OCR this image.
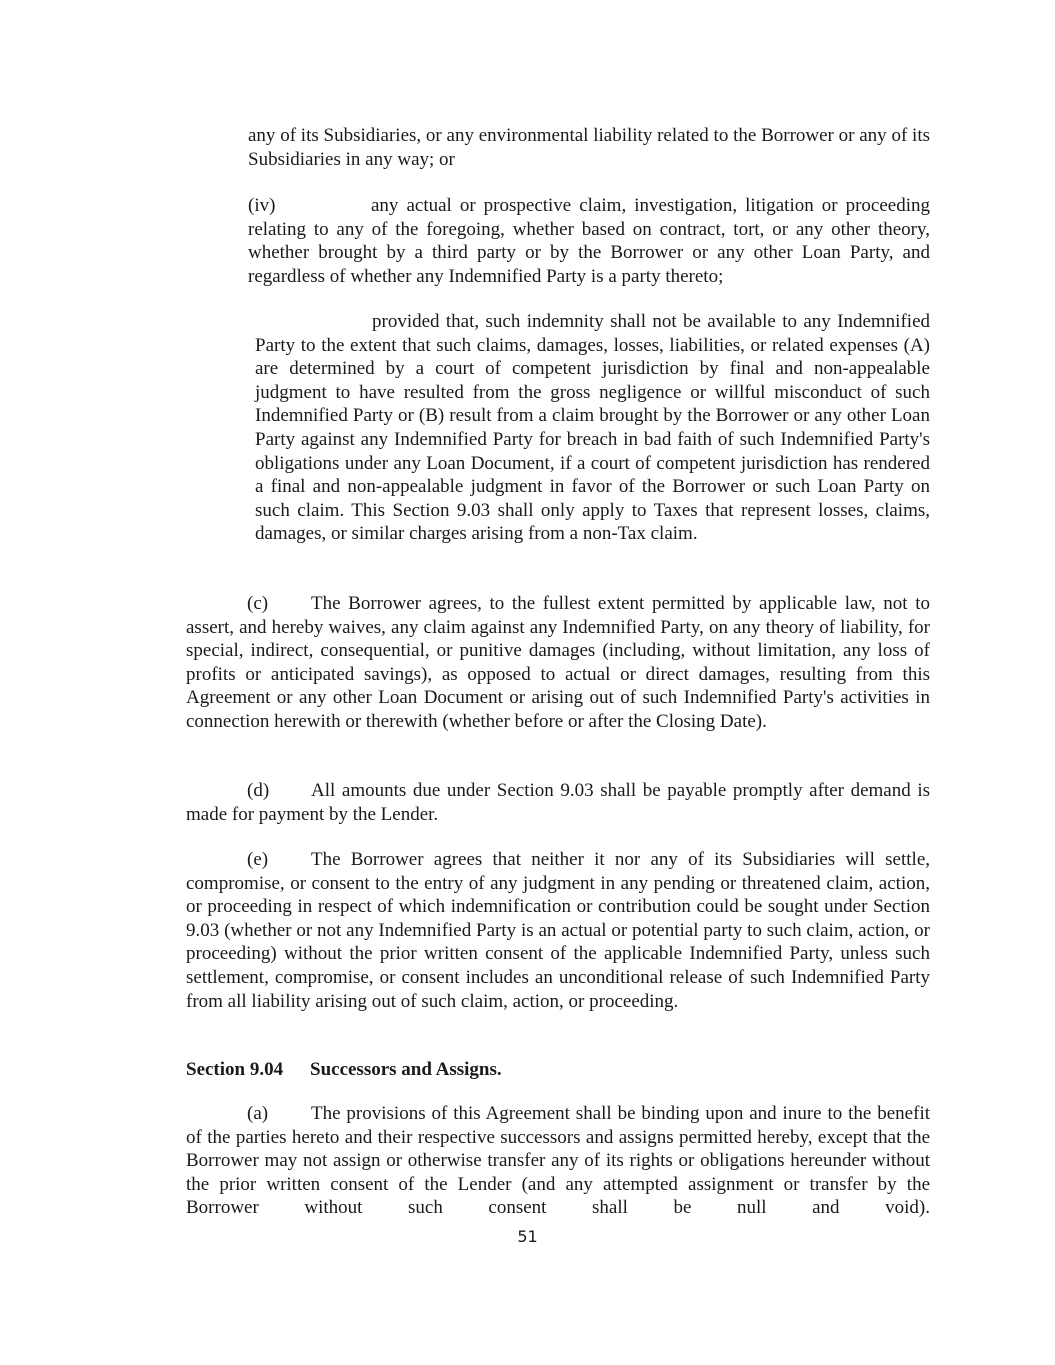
any of its Subsidiaries, or any environmental liability related to the Borrower or any of its Subsidiaries in any way; or

(iv)	any actual or prospective claim, investigation, litigation or proceeding relating to any of the foregoing, whether based on contract, tort, or any other theory, whether brought by a third party or by the Borrower or any other Loan Party, and regardless of whether any Indemnified Party is a party thereto;

provided that, such indemnity shall not be available to any Indemnified Party to the extent that such claims, damages, losses, liabilities, or related expenses (A) are determined by a court of competent jurisdiction by final and non-appealable judgment to have resulted from the gross negligence or willful misconduct of such Indemnified Party or (B) result from a claim brought by the Borrower or any other Loan Party against any Indemnified Party for breach in bad faith of such Indemnified Party's obligations under any Loan Document, if a court of competent jurisdiction has rendered a final and non-appealable judgment in favor of the Borrower or such Loan Party on such claim. This Section 9.03 shall only apply to Taxes that represent losses, claims, damages, or similar charges arising from a non-Tax claim.

(c) The Borrower agrees, to the fullest extent permitted by applicable law, not to assert, and hereby waives, any claim against any Indemnified Party, on any theory of liability, for special, indirect, consequential, or punitive damages (including, without limitation, any loss of profits or anticipated savings), as opposed to actual or direct damages, resulting from this Agreement or any other Loan Document or arising out of such Indemnified Party's activities in connection herewith or therewith (whether before or after the Closing Date).

(d) All amounts due under Section 9.03 shall be payable promptly after demand is made for payment by the Lender.

(e) The Borrower agrees that neither it nor any of its Subsidiaries will settle, compromise, or consent to the entry of any judgment in any pending or threatened claim, action, or proceeding in respect of which indemnification or contribution could be sought under Section 9.03 (whether or not any Indemnified Party is an actual or potential party to such claim, action, or proceeding) without the prior written consent of the applicable Indemnified Party, unless such settlement, compromise, or consent includes an unconditional release of such Indemnified Party from all liability arising out of such claim, action, or proceeding.

Section 9.04 Successors and Assigns.

(a) The provisions of this Agreement shall be binding upon and inure to the benefit of the parties hereto and their respective successors and assigns permitted hereby, except that the Borrower may not assign or otherwise transfer any of its rights or obligations hereunder without the prior written consent of the Lender (and any attempted assignment or transfer by the Borrower without such consent shall be null and void).

51
